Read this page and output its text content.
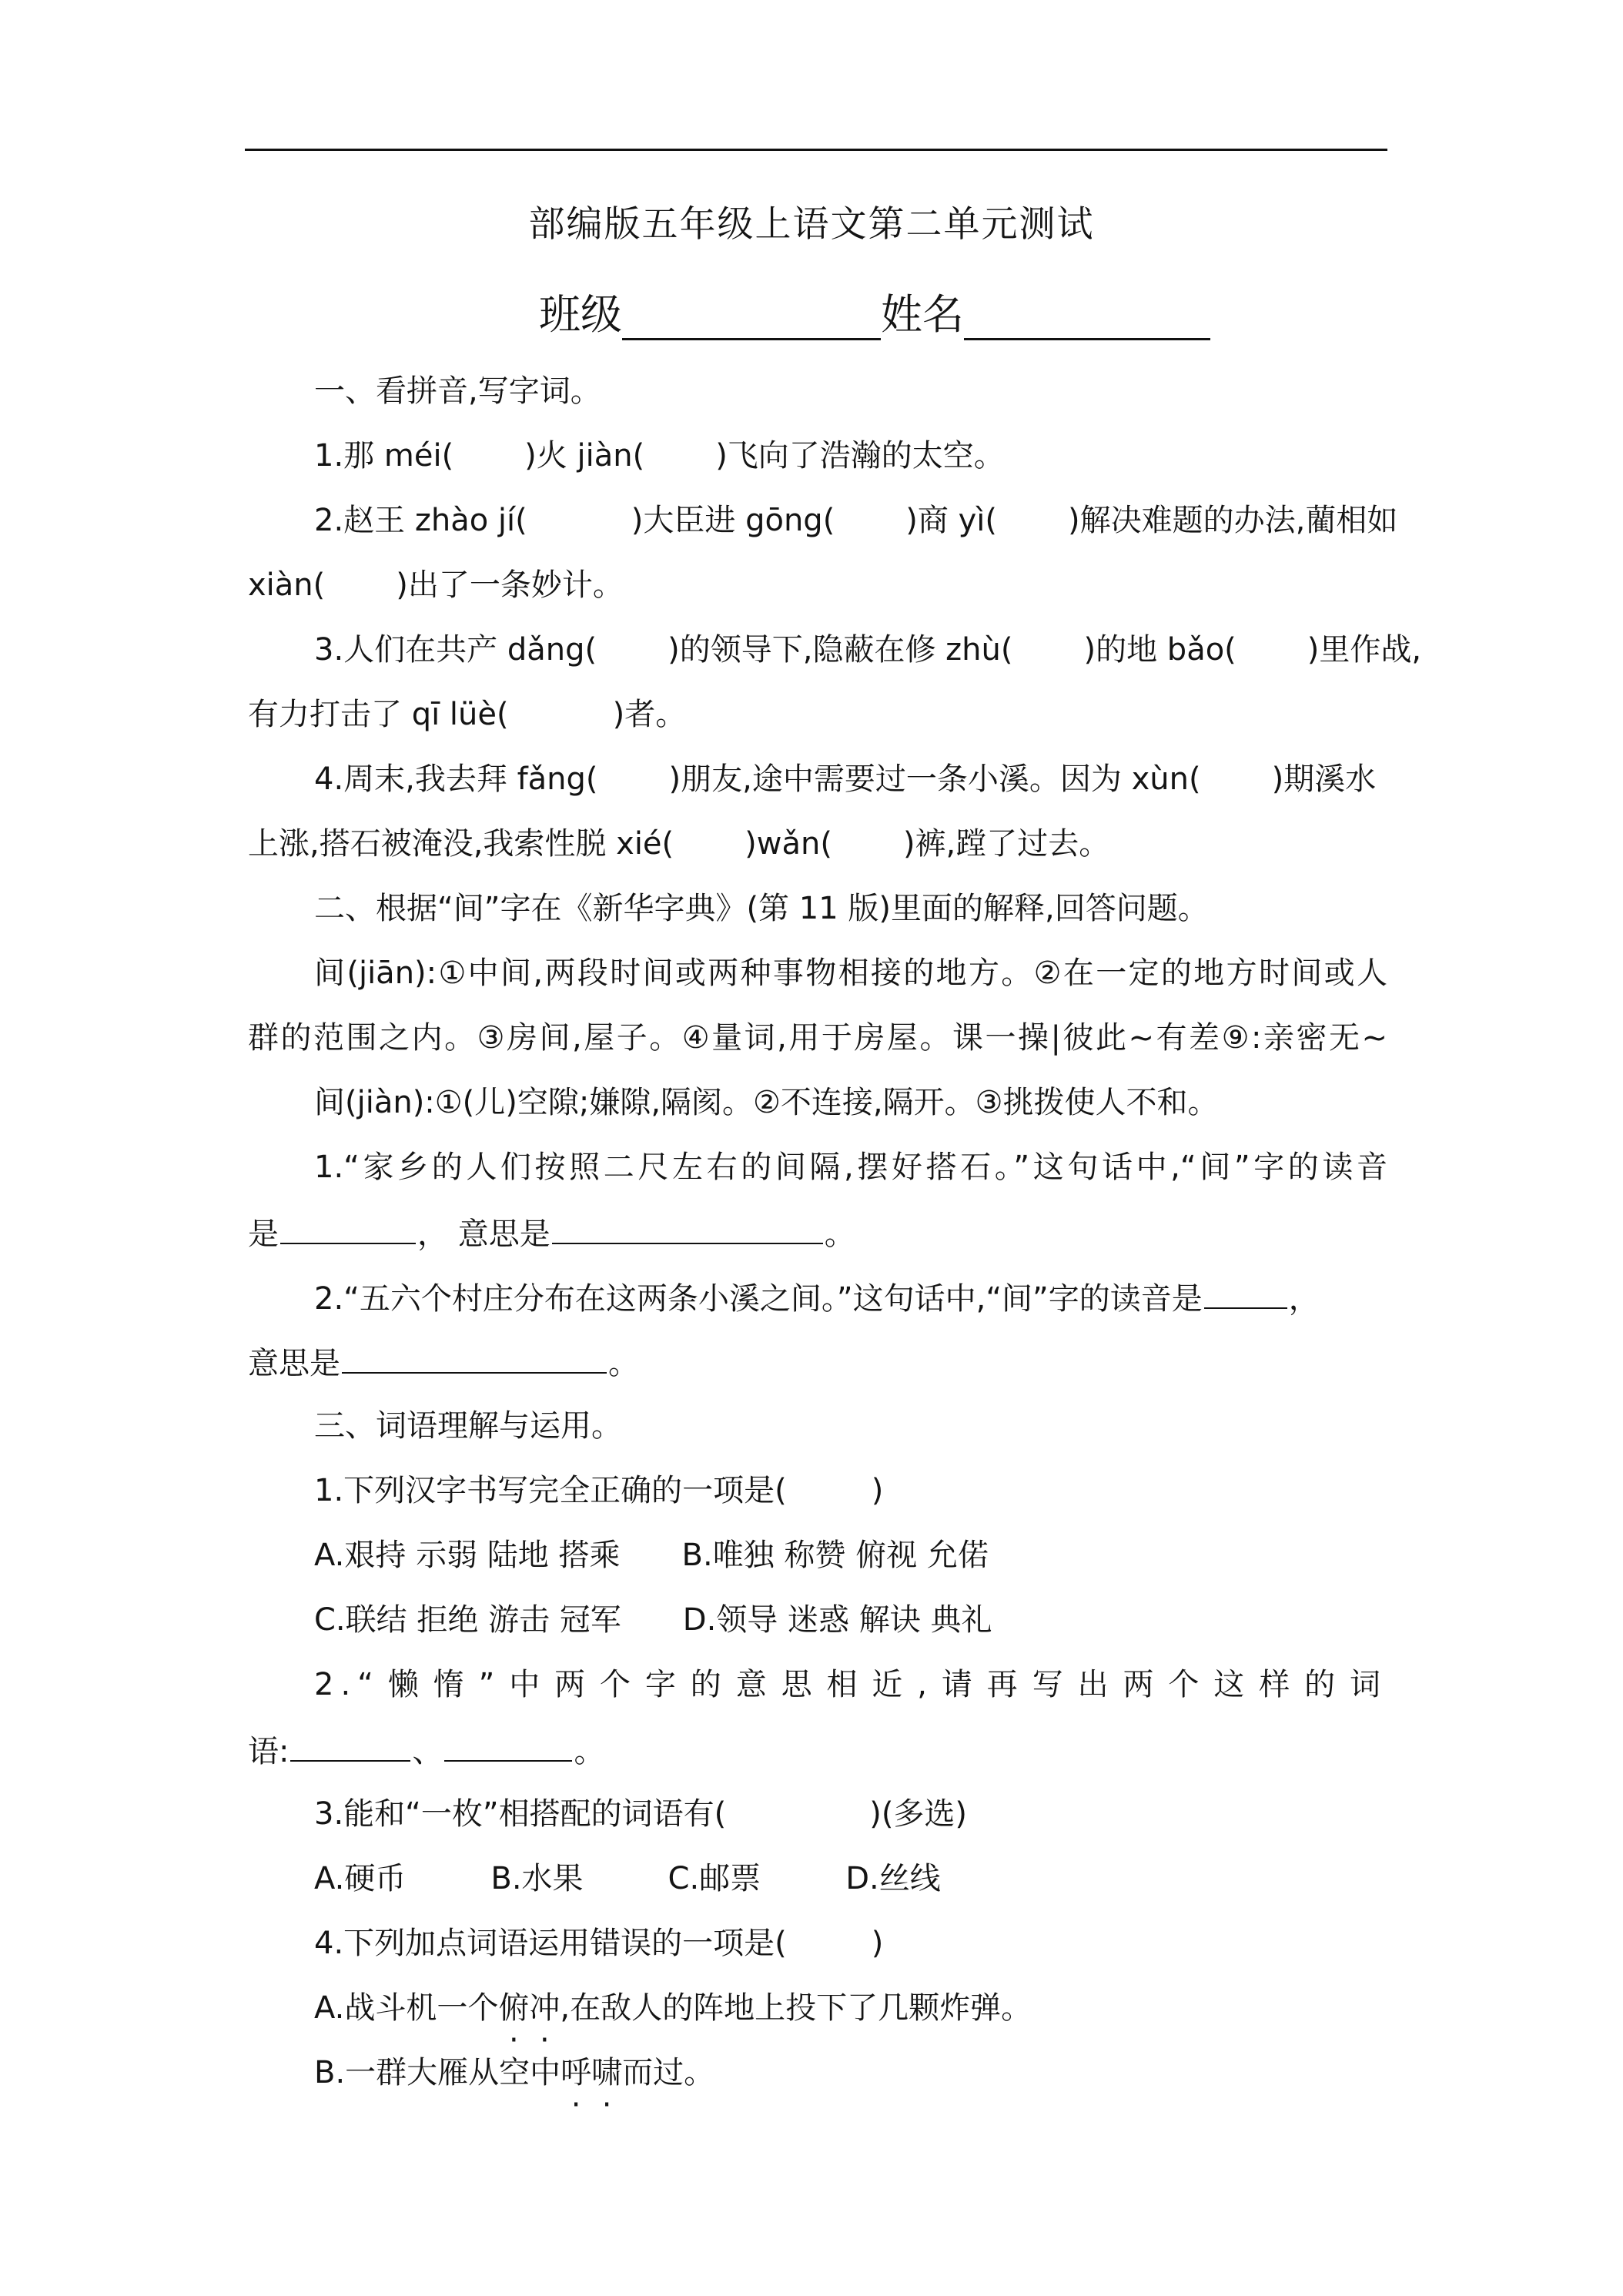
部编版五年级上语文第二单元测试
班级	姓名
一、看拼音,写字词。
1.那 méi( )火 jiàn( )飞向了浩瀚的太空。
2.赵王 zhào jí(	)大臣进 gōng( )商 yì( )解决难题的办法,藺相如
xiàn( )出了一条妙计。
3.人们在共产 dǎng( )的领导下,隐蔽在修 zhù( )的地 bǎo( )里作战,
有力打击了 qī lüè(	)者。
4.周末,我去拜 fǎng( )朋友,途中需要过一条小溪。因为 xùn( )期溪水
上涨,搭石被淹没,我索性脱 xié( )wǎn( )裤,蹚了过去。
二、根据“间”字在《新华字典》(第 11 版)里面的解释,回答问题。
间(jiān):①中间,两段时间或两种事物相接的地方。②在一定的地方时间或人
群的范围之内。③房间,屋子。④量词,用于房屋。课一操|彼此~有差⑨:亲密无~
间(jiàn):①(儿)空隙;嫌隙,隔阂。②不连接,隔开。③挑拨使人不和。
1.“家乡的人们按照二尺左右的间隔,摆好搭石。”这句话中,“间”字的读音
是	， 意思是	。
2.“五六个村庄分布在这两条小溪之间。”这句话中,“间”字的读音是	，
意思是	。
三、词语理解与运用。
1.下列汉字书写完全正确的一项是(	)
A.艰持 示弱 陆地 搭乘 B.唯独 称赞 俯视 允偌
C.联结 拒绝 游击 冠军 D.领导 迷惑 解诀 典礼
2.“懒惰”中两个字的意思相近,请再写出两个这样的词
语:	、	。
3.能和“一枚”相搭配的词语有(	)(多选)
A.硬币	B.水果	C.邮票	D.丝线
4.下列加点词语运用错误的一项是(	)
A.战斗机一个俯冲,在敌人的阵地上投下了几颗炸弹。
B.一群大雁从空中呼啸而过。
